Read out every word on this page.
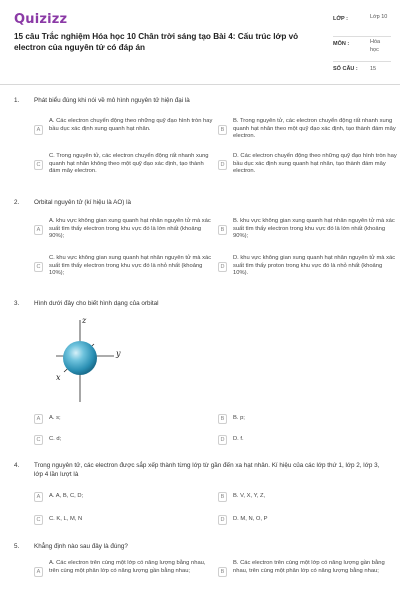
Quizizz
15 câu Trắc nghiệm Hóa học 10 Chân trời sáng tạo Bài 4: Cấu trúc lớp vỏ electron của nguyên tử có đáp án
LỚP :	Lớp 10
MÔN :	Hóa học
SỐ CÂU : 15
1. Phát biểu đúng khi nói về mô hình nguyên tử hiện đại là
A
A. Các electron chuyển động theo những quỹ đạo hình tròn hay bầu dục xác định xung quanh hạt nhân.	B
B. Trong nguyên tử, các electron chuyển động rất nhanh xung quanh hạt nhân theo một quỹ đạo xác định, tạo thành đám mây electron.
C
C. Trong nguyên tử, các electron chuyển động rất nhanh xung quanh hạt nhân không theo một quỹ đạo xác định, tạo thành đám mây electron.
D
D. Các electron chuyển động theo những quỹ đạo hình tròn hay bầu dục xác định xung quanh hạt nhân, tạo thành đám mây electron.
2. Orbital nguyên tử (kí hiệu là AO) là
A
A. khu vực không gian xung quanh hạt nhân nguyên tử mà xác suất tìm thấy electron trong khu vực đó là lớn nhất (khoảng 90%);
B
B. khu vực không gian xung quanh hạt nhân nguyên tử mà xác suất tìm thấy electron trong khu vực đó là lớn nhất (khoảng 90%);
C
C. khu vực không gian xung quanh hạt nhân nguyên tử mà xác suất tìm thấy electron trong khu vực đó là nhỏ nhất (khoảng 10%);
D
D. khu vực không gian xung quanh hạt nhân nguyên tử mà xác suất tìm thấy proton trong khu vực đó là nhỏ nhất (khoảng 10%).
3. Hình dưới đây cho biết hình dạng của orbital
A	A. s;	B	B. p;
C	C. d;	D	D. f.
z
y
x
4. Trong nguyên tử, các electron được sắp xếp thành từng lớp từ gần đến xa hạt nhân. Kí hiệu của các lớp thứ 1, lớp 2, lớp 3, lớp 4 lần lượt là
A	A. A, B, C, D;	B	B. V, X, Y, Z,
C	C. K, L, M, N	D	D. M, N, O, P
5. Khẳng định nào sau đây là đúng?
A
A. Các electron trên cùng một lớp có năng lượng bằng nhau, trên cùng một phân lớp có năng lượng gần bằng nhau;	B
B. Các electron trên cùng một lớp có năng lượng gần bằng nhau, trên cùng một phân lớp có năng lượng bằng nhau;
